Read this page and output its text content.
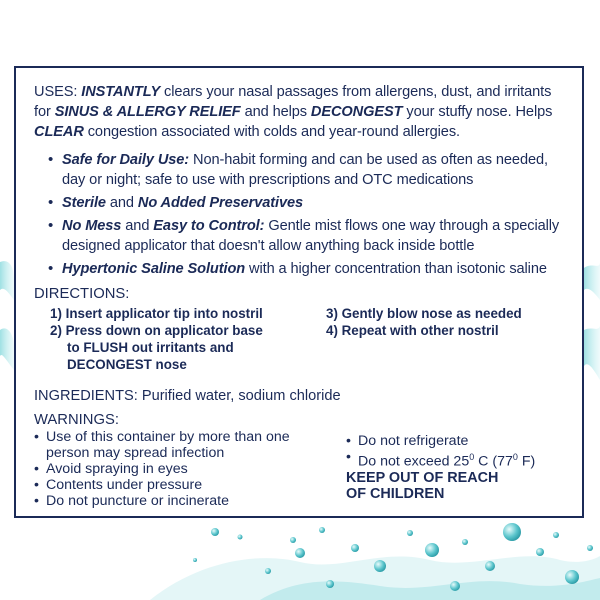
USES: INSTANTLY clears your nasal passages from allergens, dust, and irritants for SINUS & ALLERGY RELIEF and helps DECONGEST your stuffy nose. Helps CLEAR congestion associated with colds and year-round allergies.

• Safe for Daily Use: Non-habit forming and can be used as often as needed, day or night; safe to use with prescriptions and OTC medications
• Sterile and No Added Preservatives
• No Mess and Easy to Control: Gentle mist flows one way through a specially designed applicator that doesn't allow anything back inside bottle
• Hypertonic Saline Solution with a higher concentration than isotonic saline

DIRECTIONS:

1) Insert applicator tip into nostril

2) Press down on applicator base
to FLUSH out irritants and
DECONGEST nose

3) Gently blow nose as needed

4) Repeat with other nostril

INGREDIENTS: Purified water, sodium chloride

WARNINGS:

• Use of this container by more than one
person may spread infection
• Avoid spraying in eyes
• Contents under pressure
• Do not puncture or incinerate
• Do not refrigerate
• Do not exceed $25^0$ C ($77^0$ F)

KEEP OUT OF REACH

OF CHILDREN
